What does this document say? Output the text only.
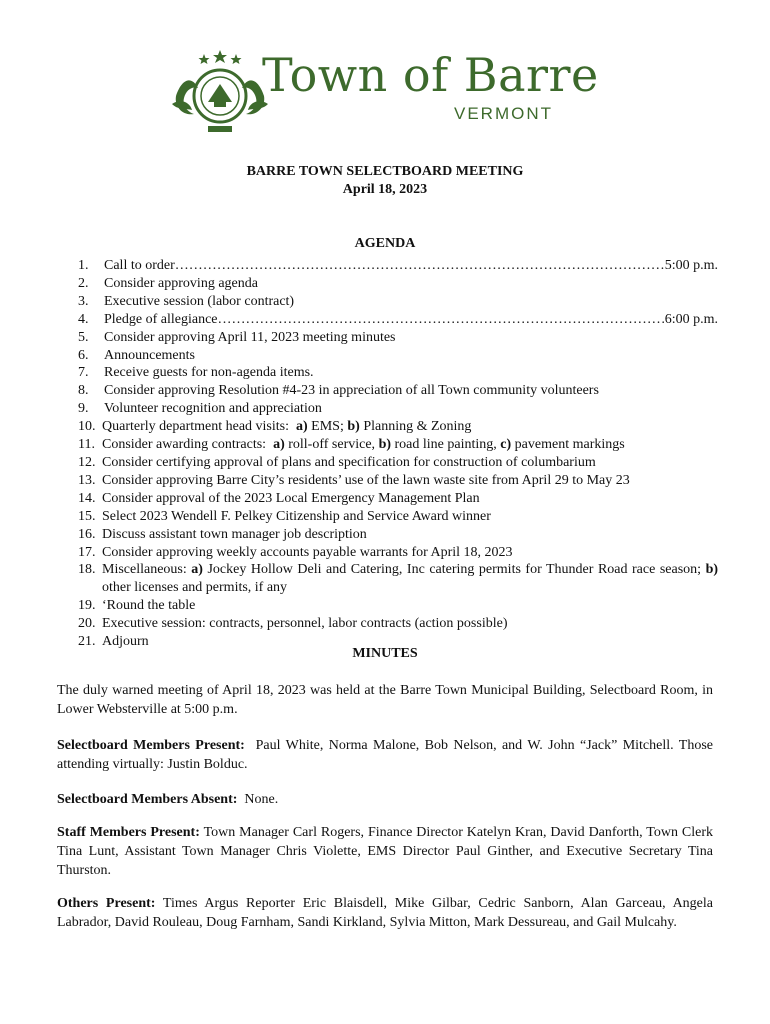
Town of Barre
VERMONT
BARRE TOWN SELECTBOARD MEETING
April 18, 2023
AGENDA
1.	Call to order ……………………………………………………………………………………………………………………	5:00 p.m.
2.	Consider approving agenda
3.	Executive session (labor contract)
4.	Pledge of allegiance ……………………………………………………………………………………………………………………	6:00 p.m.
5.	Consider approving April 11, 2023 meeting minutes
6.	Announcements
7.	Receive guests for non-agenda items.
8.	Consider approving Resolution #4-23 in appreciation of all Town community volunteers
9.	Volunteer recognition and appreciation
10. Quarterly department head visits: a) EMS; b) Planning & Zoning
11. Consider awarding contracts: a) roll-off service, b) road line painting, c) pavement markings
12. Consider certifying approval of plans and specification for construction of columbarium
13. Consider approving Barre City’s residents’ use of the lawn waste site from April 29 to May 23
14. Consider approval of the 2023 Local Emergency Management Plan
15. Select 2023 Wendell F. Pelkey Citizenship and Service Award winner
16. Discuss assistant town manager job description
17. Consider approving weekly accounts payable warrants for April 18, 2023
18. Miscellaneous: a) Jockey Hollow Deli and Catering, Inc catering permits for Thunder Road race season; b) other licenses and permits, if any
19. ‘Round the table
20. Executive session: contracts, personnel, labor contracts (action possible)
21. Adjourn
MINUTES
The duly warned meeting of April 18, 2023 was held at the Barre Town Municipal Building, Selectboard Room, in Lower Websterville at 5:00 p.m.
Selectboard Members Present: Paul White, Norma Malone, Bob Nelson, and W. John “Jack” Mitchell. Those attending virtually: Justin Bolduc.
Selectboard Members Absent: None.
Staff Members Present: Town Manager Carl Rogers, Finance Director Katelyn Kran, David Danforth, Town Clerk Tina Lunt, Assistant Town Manager Chris Violette, EMS Director Paul Ginther, and Executive Secretary Tina Thurston.
Others Present: Times Argus Reporter Eric Blaisdell, Mike Gilbar, Cedric Sanborn, Alan Garceau, Angela Labrador, David Rouleau, Doug Farnham, Sandi Kirkland, Sylvia Mitton, Mark Dessureau, and Gail Mulcahy.
